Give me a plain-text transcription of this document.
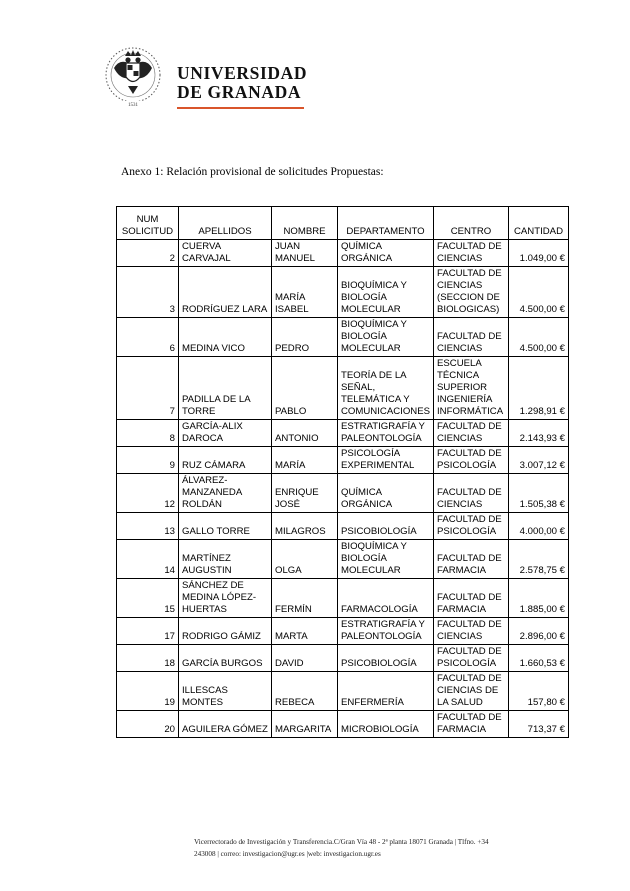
1531
UNIVERSIDAD
DE GRANADA
Anexo 1: Relación provisional de solicitudes Propuestas:
NUM SOLICITUD	APELLIDOS	NOMBRE	DEPARTAMENTO	CENTRO	CANTIDAD
2	CUERVA CARVAJAL	JUAN MANUEL	QUÍMICA ORGÁNICA	FACULTAD DE CIENCIAS	1.049,00 €
3	RODRÍGUEZ LARA	MARÍA ISABEL	BIOQUÍMICA Y BIOLOGÍA MOLECULAR	FACULTAD DE CIENCIAS (SECCION DE BIOLOGICAS)	4.500,00 €
6	MEDINA VICO	PEDRO	BIOQUÍMICA Y BIOLOGÍA MOLECULAR	FACULTAD DE CIENCIAS	4.500,00 €
7	PADILLA DE LA TORRE	PABLO	TEORÍA DE LA SEÑAL, TELEMÁTICA Y COMUNICACIONES	ESCUELA TÉCNICA SUPERIOR INGENIERÍA INFORMÁTICA	1.298,91 €
8	GARCÍA-ALIX DAROCA	ANTONIO	ESTRATIGRAFÍA Y PALEONTOLOGÍA	FACULTAD DE CIENCIAS	2.143,93 €
9	RUZ CÁMARA	MARÍA	PSICOLOGÍA EXPERIMENTAL	FACULTAD DE PSICOLOGÍA	3.007,12 €
12	ÁLVAREZ-MANZANEDA ROLDÁN	ENRIQUE JOSÉ	QUÍMICA ORGÁNICA	FACULTAD DE CIENCIAS	1.505,38 €
13	GALLO TORRE	MILAGROS	PSICOBIOLOGÍA	FACULTAD DE PSICOLOGÍA	4.000,00 €
14	MARTÍNEZ AUGUSTIN	OLGA	BIOQUÍMICA Y BIOLOGÍA MOLECULAR	FACULTAD DE FARMACIA	2.578,75 €
15	SÁNCHEZ DE MEDINA LÓPEZ-HUERTAS	FERMÍN	FARMACOLOGÍA	FACULTAD DE FARMACIA	1.885,00 €
17	RODRIGO GÁMIZ	MARTA	ESTRATIGRAFÍA Y PALEONTOLOGÍA	FACULTAD DE CIENCIAS	2.896,00 €
18	GARCÍA BURGOS	DAVID	PSICOBIOLOGÍA	FACULTAD DE PSICOLOGÍA	1.660,53 €
19	ILLESCAS MONTES	REBECA	ENFERMERÍA	FACULTAD DE CIENCIAS DE LA SALUD	157,80 €
20	AGUILERA GÓMEZ	MARGARITA	MICROBIOLOGÍA	FACULTAD DE FARMACIA	713,37 €
Vicerrectorado de Investigación y Transferencia.C/Gran Vía 48 - 2ª planta 18071 Granada | Tlfno. +34
243008 | correo: investigacion@ugr.es |web: investigacion.ugr.es
